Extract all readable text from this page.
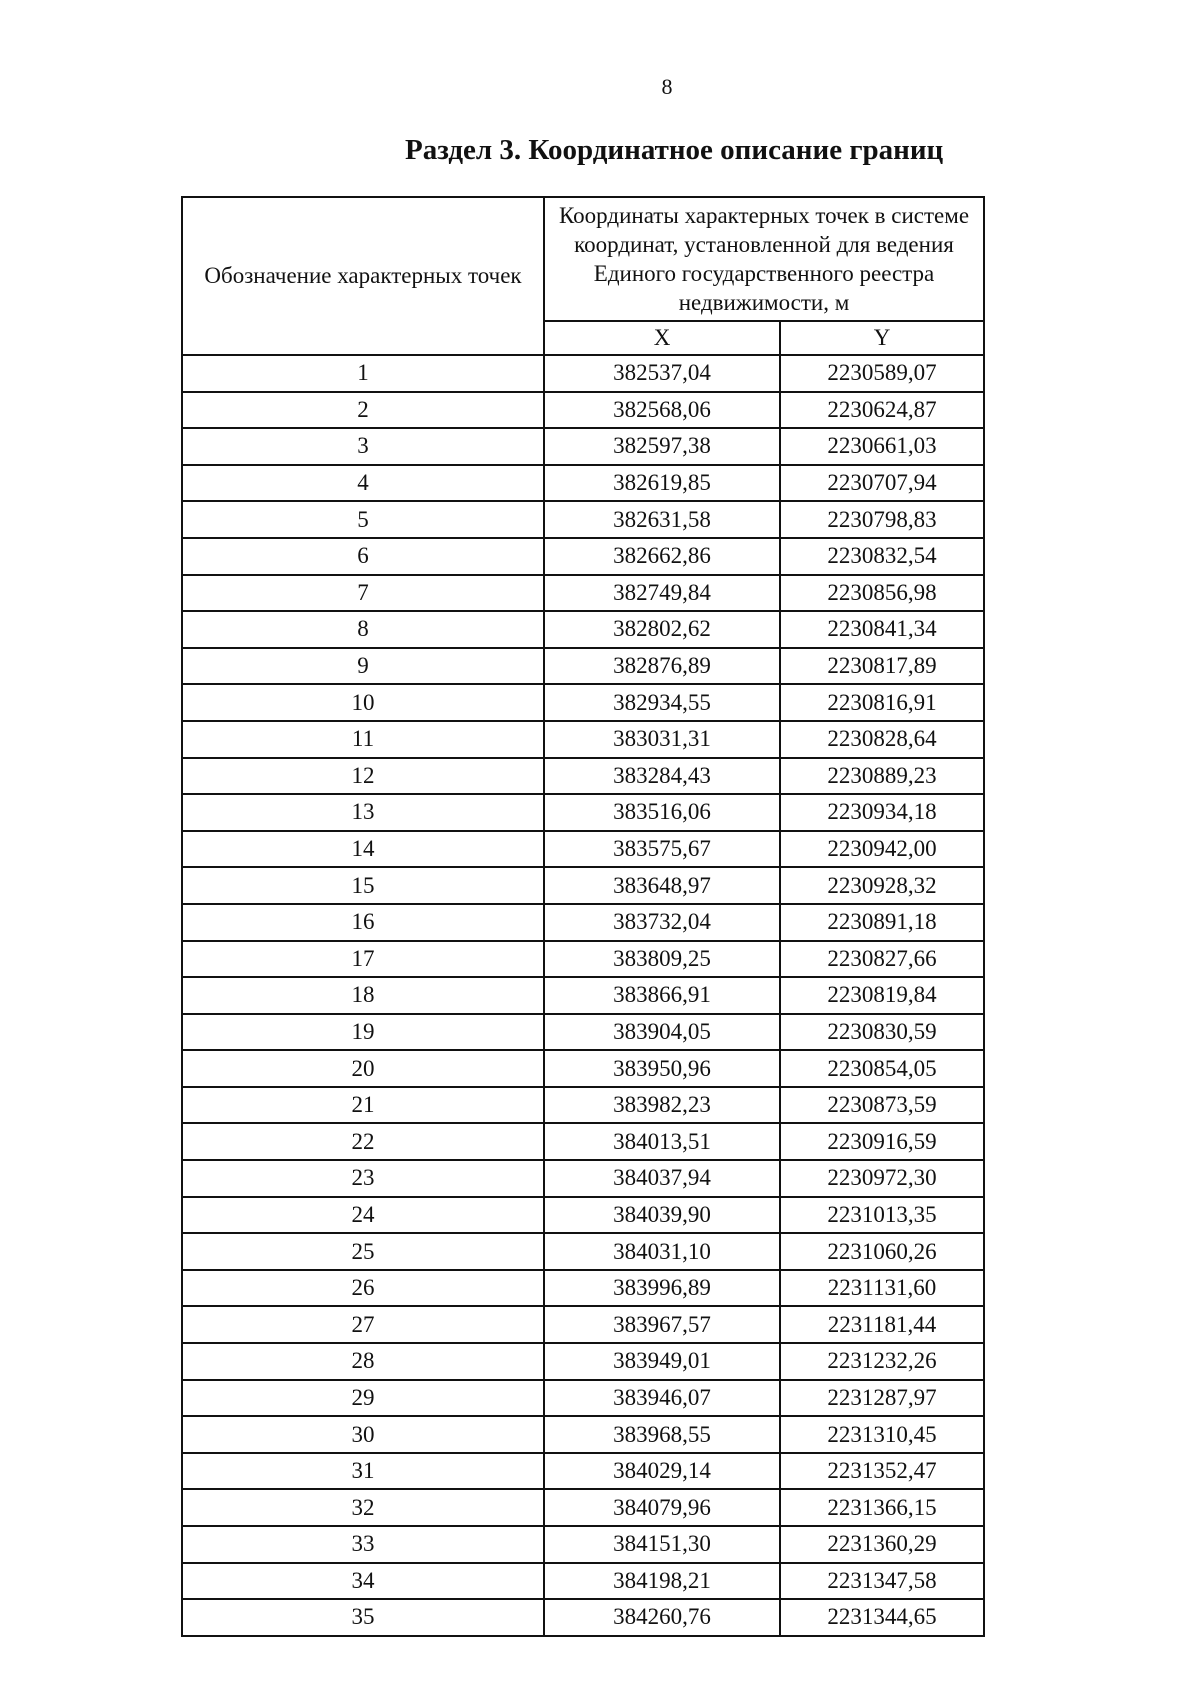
8
Раздел 3. Координатное описание границ
Обозначение характерных точек	Координаты характерных точек в системе координат, установленной для ведения Единого государственного реестра недвижимости, м	
	X	Y
1	382537,04	2230589,07
2	382568,06	2230624,87
3	382597,38	2230661,03
4	382619,85	2230707,94
5	382631,58	2230798,83
6	382662,86	2230832,54
7	382749,84	2230856,98
8	382802,62	2230841,34
9	382876,89	2230817,89
10	382934,55	2230816,91
11	383031,31	2230828,64
12	383284,43	2230889,23
13	383516,06	2230934,18
14	383575,67	2230942,00
15	383648,97	2230928,32
16	383732,04	2230891,18
17	383809,25	2230827,66
18	383866,91	2230819,84
19	383904,05	2230830,59
20	383950,96	2230854,05
21	383982,23	2230873,59
22	384013,51	2230916,59
23	384037,94	2230972,30
24	384039,90	2231013,35
25	384031,10	2231060,26
26	383996,89	2231131,60
27	383967,57	2231181,44
28	383949,01	2231232,26
29	383946,07	2231287,97
30	383968,55	2231310,45
31	384029,14	2231352,47
32	384079,96	2231366,15
33	384151,30	2231360,29
34	384198,21	2231347,58
35	384260,76	2231344,65
